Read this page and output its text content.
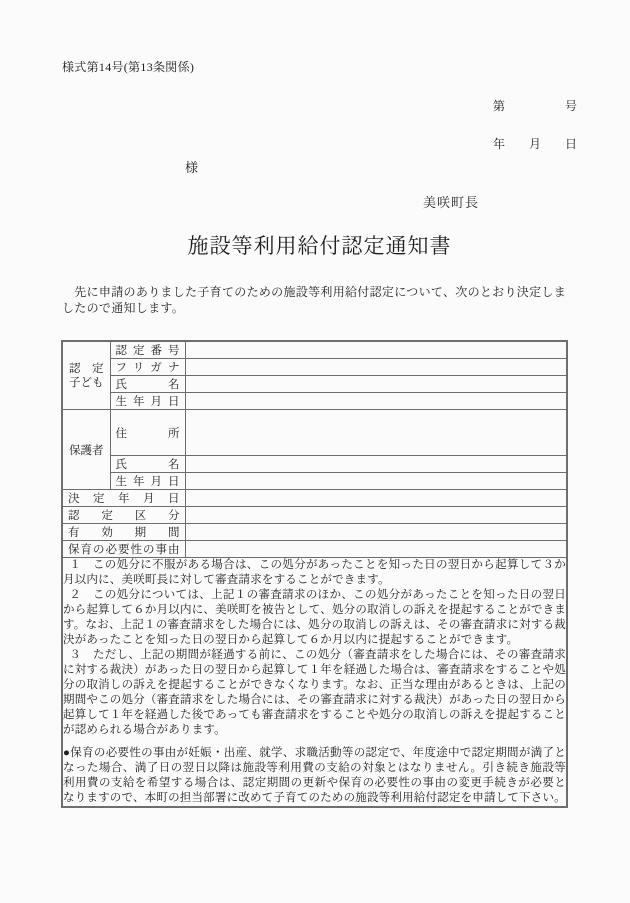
様式第14号(第13条関係)
第　　　　　号

年　　月　　日
様
美咲町長
施設等利用給付認定通知書

　先に申請のありました子育てのための施設等利用給付認定について、次のとおり決定しましたので通知します。

認定
子ども	認定番号	

	フリガナ	

	氏名	

	生年月日	

保護者	住所	

	氏名	

	生年月日	

決定年月日		

認定区分		

有効期間		

保育の必要性の事由		

１　この処分に不服がある場合は、この処分があったことを知った日の翌日から起算して３か月以内に、美咲町長に対して審査請求をすることができます。

２　この処分については、上記１の審査請求のほか、この処分があったことを知った日の翌日から起算して６か月以内に、美咲町を被告として、処分の取消しの訴えを提起することができます。なお、上記１の審査請求をした場合には、処分の取消しの訴えは、その審査請求に対する裁決があったことを知った日の翌日から起算して６か月以内に提起することができます。

３　ただし、上記の期間が経過する前に、この処分（審査請求をした場合には、その審査請求に対する裁決）があった日の翌日から起算して１年を経過した場合は、審査請求をすることや処分の取消しの訴えを提起することができなくなります。なお、正当な理由があるときは、上記の期間やこの処分（審査請求をした場合には、その審査請求に対する裁決）があった日の翌日から起算して１年を経過した後であっても審査請求をすることや処分の取消しの訴えを提起することが認められる場合があります。

●保育の必要性の事由が妊娠・出産、就学、求職活動等の認定で、年度途中で認定期間が満了となった場合、満了日の翌日以降は施設等利用費の支給の対象とはなりません。引き続き施設等利用費の支給を希望する場合は、認定期間の更新や保育の必要性の事由の変更手続きが必要となりますので、本町の担当部署に改めて子育てのための施設等利用給付認定を申請して下さい。		
